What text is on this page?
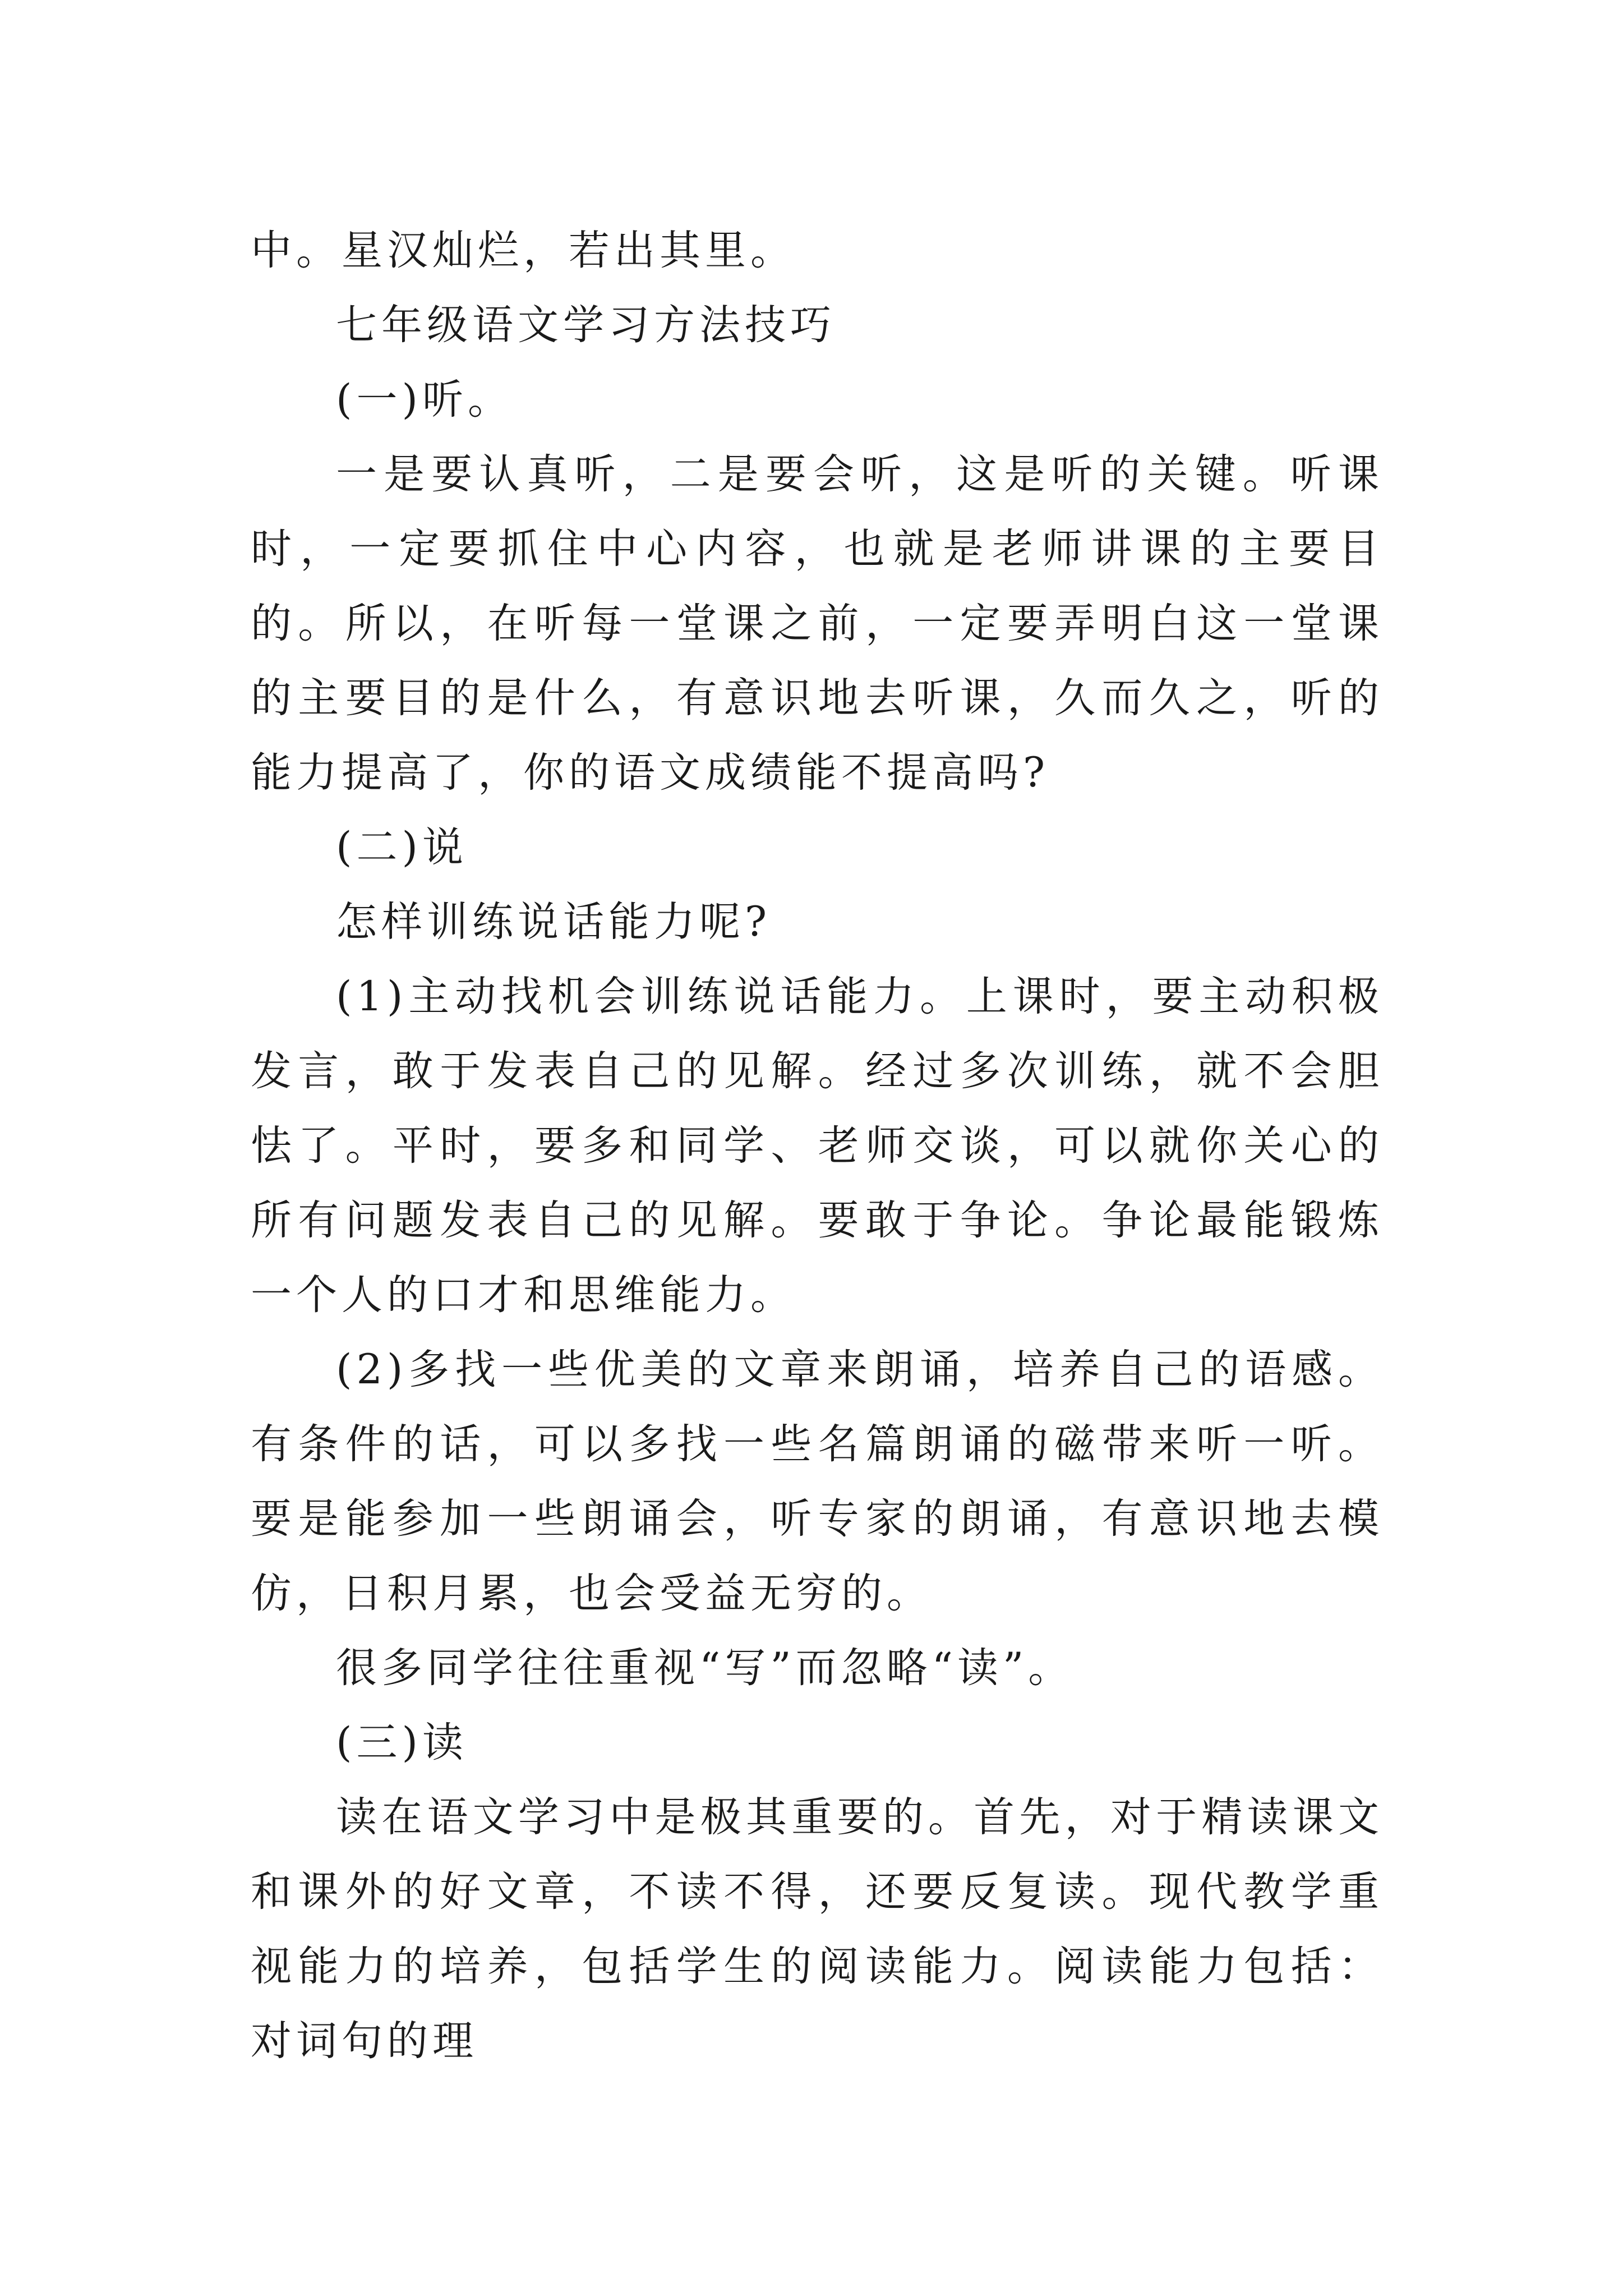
中。星汉灿烂，若出其里。

七年级语文学习方法技巧

(一)听。

一是要认真听，二是要会听，这是听的关键。听课时，一定要抓住中心内容，也就是老师讲课的主要目的。所以，在听每一堂课之前，一定要弄明白这一堂课的主要目的是什么，有意识地去听课，久而久之，听的能力提高了，你的语文成绩能不提高吗?

(二)说

怎样训练说话能力呢?

(1)主动找机会训练说话能力。上课时，要主动积极发言，敢于发表自己的见解。经过多次训练，就不会胆怯了。平时，要多和同学、老师交谈，可以就你关心的所有问题发表自己的见解。要敢于争论。争论最能锻炼一个人的口才和思维能力。

(2)多找一些优美的文章来朗诵，培养自己的语感。有条件的话，可以多找一些名篇朗诵的磁带来听一听。要是能参加一些朗诵会，听专家的朗诵，有意识地去模仿，日积月累，也会受益无穷的。

很多同学往往重视“写”而忽略“读”。

(三)读

读在语文学习中是极其重要的。首先，对于精读课文和课外的好文章，不读不得，还要反复读。现代教学重视能力的培养，包括学生的阅读能力。阅读能力包括：对词句的理
